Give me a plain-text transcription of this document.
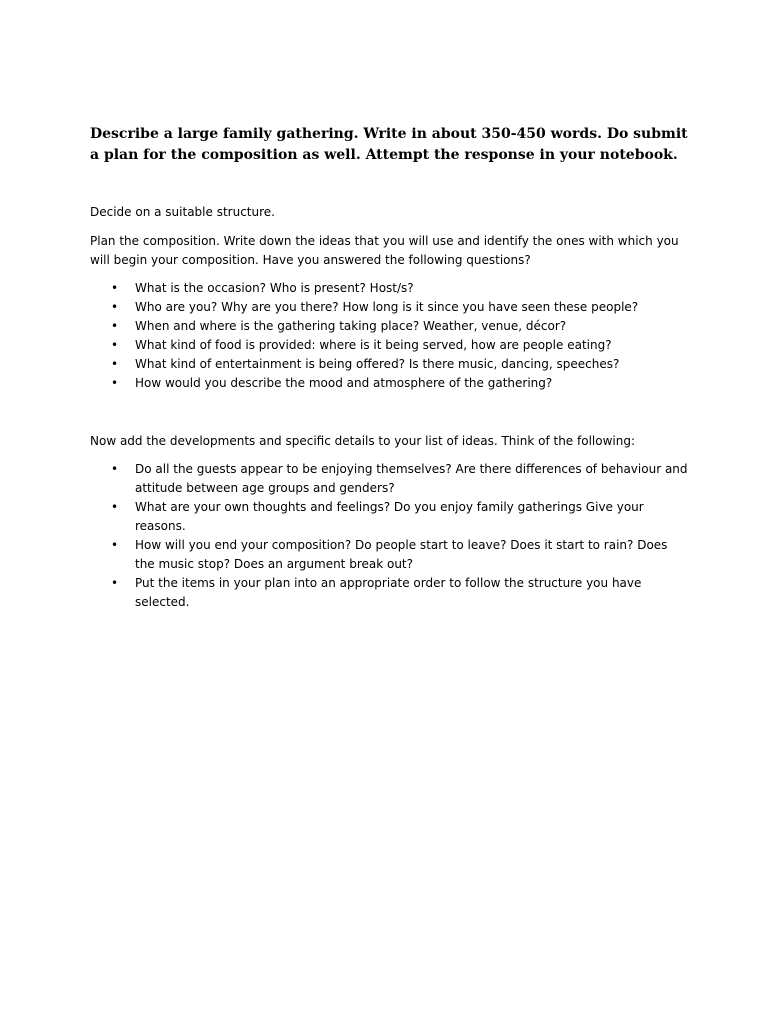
Describe a large family gathering. Write in about 350-450 words. Do submit a plan for the composition as well. Attempt the response in your notebook.

Decide on a suitable structure.

Plan the composition. Write down the ideas that you will use and identify the ones with which you will begin your composition. Have you answered the following questions?

•
What is the occasion? Who is present? Host/s?
•
Who are you? Why are you there? How long is it since you have seen these people?
•
When and where is the gathering taking place? Weather, venue, décor?
•
What kind of food is provided: where is it being served, how are people eating?
•
What kind of entertainment is being offered? Is there music, dancing, speeches?
•
How would you describe the mood and atmosphere of the gathering?

Now add the developments and specific details to your list of ideas. Think of the following:

•
Do all the guests appear to be enjoying themselves? Are there differences of behaviour and attitude between age groups and genders?
•
What are your own thoughts and feelings? Do you enjoy family gatherings Give your reasons.
•
How will you end your composition? Do people start to leave? Does it start to rain? Does the music stop? Does an argument break out?
•
Put the items in your plan into an appropriate order to follow the structure you have selected.
